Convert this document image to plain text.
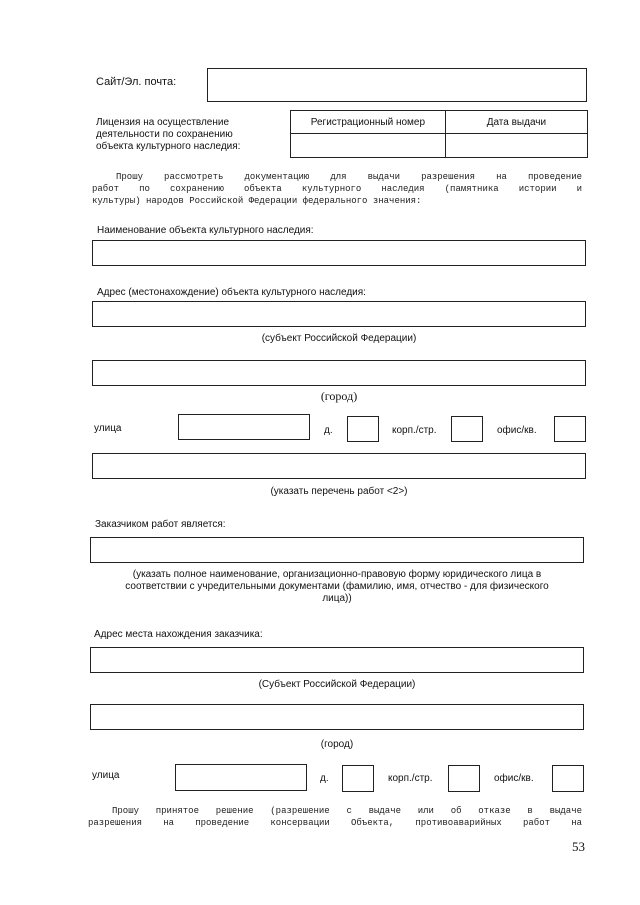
Сайт/Эл. почта:
Лицензия на осуществление
деятельности по сохранению
объекта культурного наследия:
Регистрационный номер	Дата выдачи

Прошу рассмотреть документацию для выдачи разрешения на проведение
работ по сохранению объекта культурного наследия (памятника истории и
культуры) народов Российской Федерации федерального значения:
Наименование объекта культурного наследия:
Адрес (местонахождение) объекта культурного наследия:
(субъект Российской Федерации)
(город)
улица	д.	корп./стр.	офис/кв.
(указать перечень работ <2>)
Заказчиком работ является:
(указать полное наименование, организационно-правовую форму юридического лица в
соответствии с учредительными документами (фамилию, имя, отчество - для физического
лица))
Адрес места нахождения заказчика:
(Субъект Российской Федерации)
(город)
улица	д.	корп./стр.	офис/кв.
Прошу принятое решение (разрешение с выдаче или об отказе в выдаче
разрешения на проведение консервации Объекта, противоаварийных работ на
53
